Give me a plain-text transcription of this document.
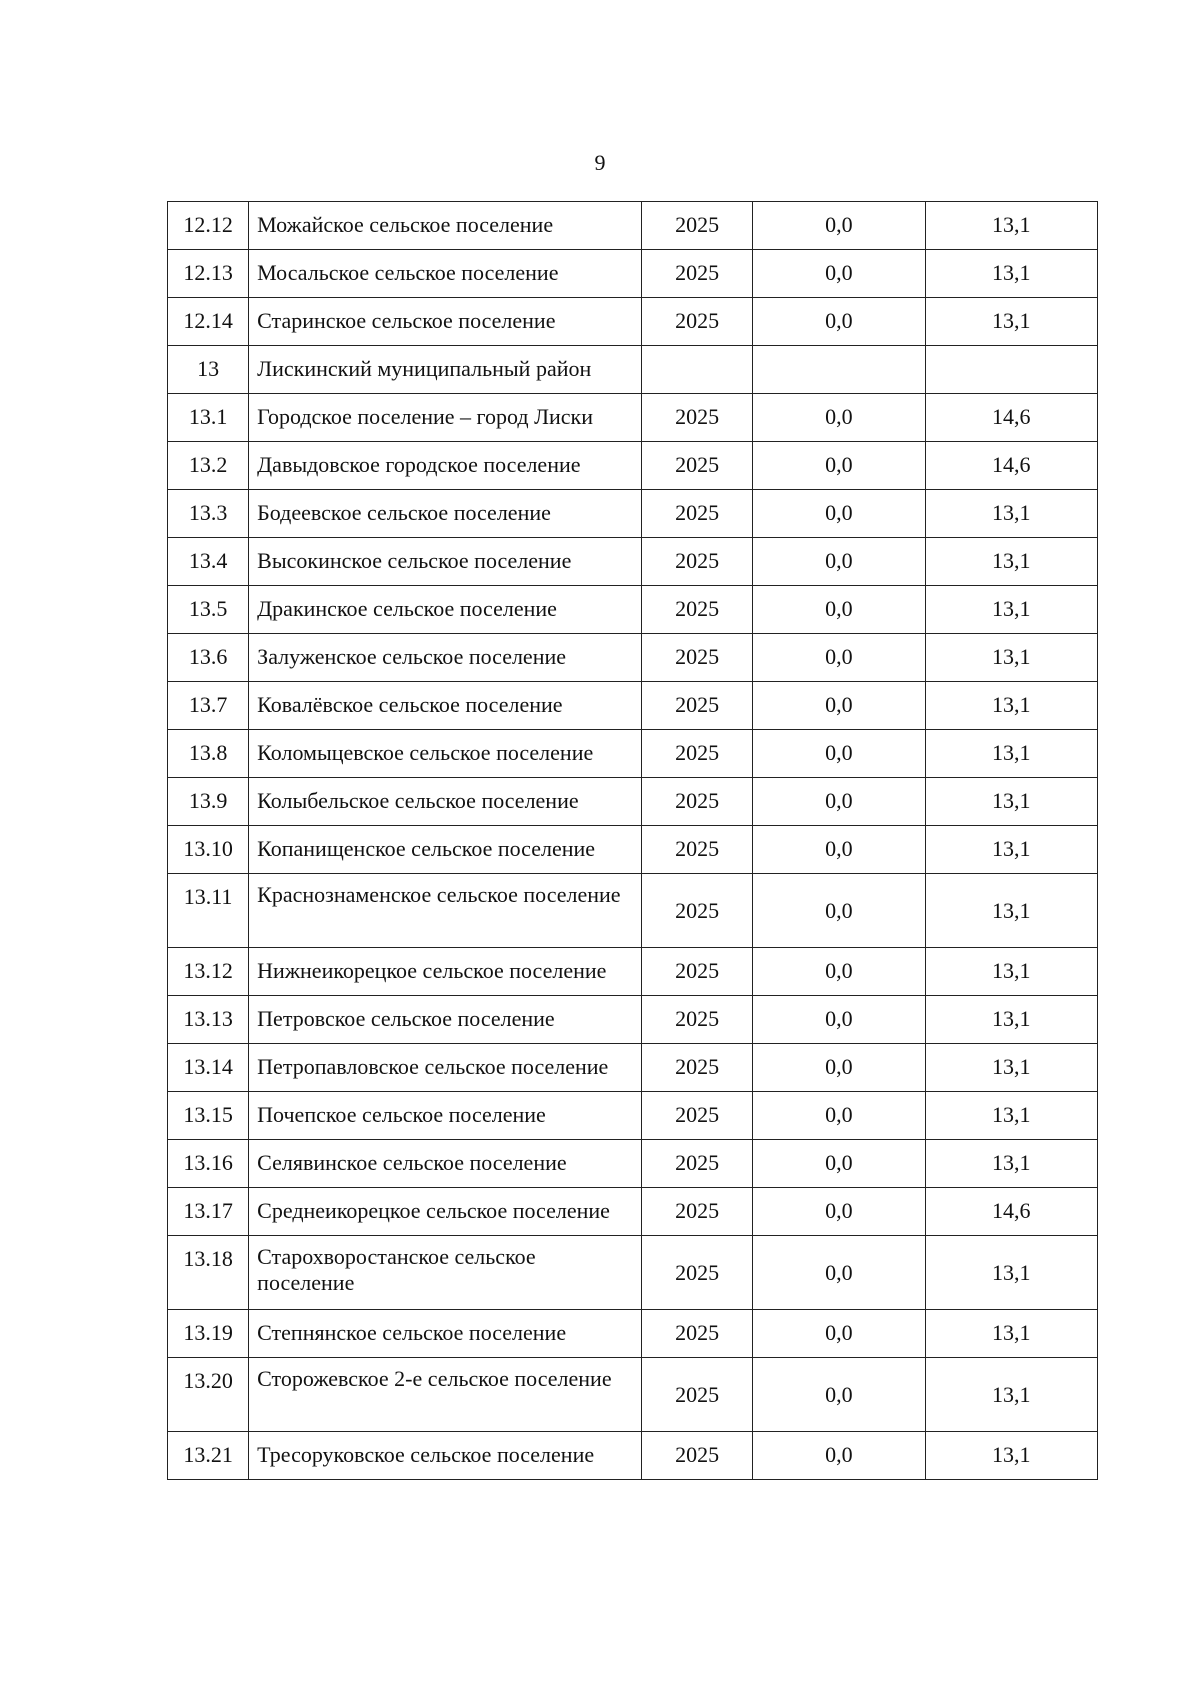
9
12.12	Можайское сельское поселение	2025	0,0	13,1
12.13	Мосальское сельское поселение	2025	0,0	13,1
12.14	Старинское сельское поселение	2025	0,0	13,1
13	Лискинский муниципальный район			
13.1	Городское поселение – город Лиски	2025	0,0	14,6
13.2	Давыдовское городское поселение	2025	0,0	14,6
13.3	Бодеевское сельское поселение	2025	0,0	13,1
13.4	Высокинское сельское поселение	2025	0,0	13,1
13.5	Дракинское сельское поселение	2025	0,0	13,1
13.6	Залуженское сельское поселение	2025	0,0	13,1
13.7	Ковалёвское сельское поселение	2025	0,0	13,1
13.8	Коломыцевское сельское поселение	2025	0,0	13,1
13.9	Колыбельское сельское поселение	2025	0,0	13,1
13.10	Копанищенское сельское поселение	2025	0,0	13,1
13.11	Краснознаменское сельское поселение	2025	0,0	13,1
13.12	Нижнеикорецкое сельское поселение	2025	0,0	13,1
13.13	Петровское сельское поселение	2025	0,0	13,1
13.14	Петропавловское сельское поселение	2025	0,0	13,1
13.15	Почепское сельское поселение	2025	0,0	13,1
13.16	Селявинское сельское поселение	2025	0,0	13,1
13.17	Среднеикорецкое сельское поселение	2025	0,0	14,6
13.18	Старохворостанское сельское поселение	2025	0,0	13,1
13.19	Степнянское сельское поселение	2025	0,0	13,1
13.20	Сторожевское 2-е сельское поселение	2025	0,0	13,1
13.21	Тресоруковское сельское поселение	2025	0,0	13,1
